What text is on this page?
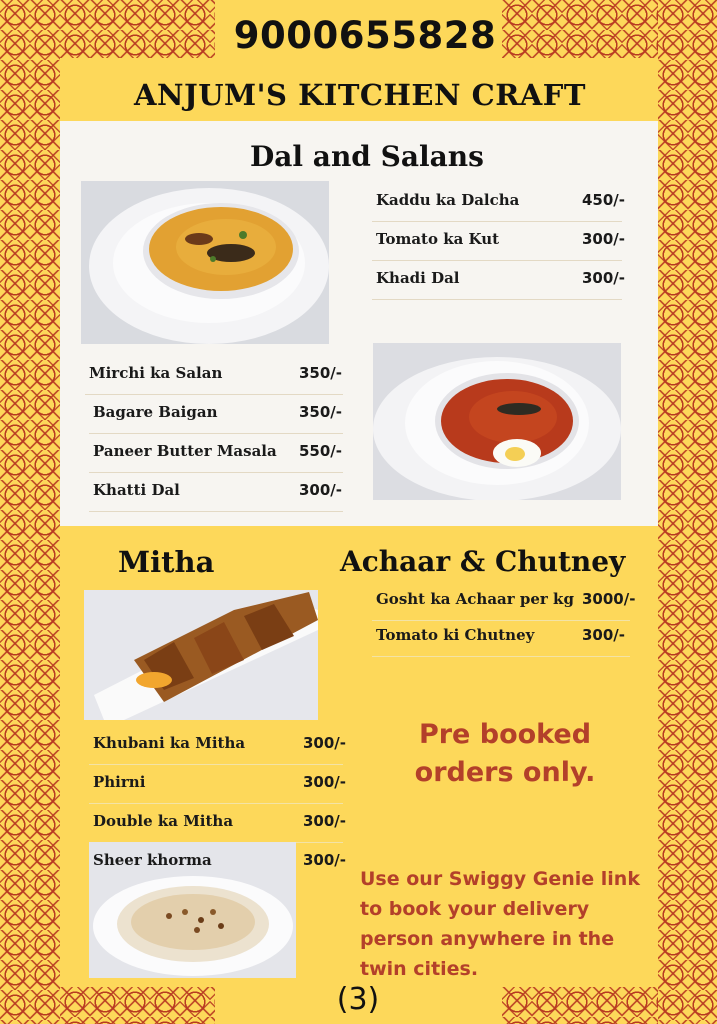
9000655828
ANJUM'S KITCHEN CRAFT
Dal and Salans
Kaddu ka Dalcha	450/-
Tomato ka Kut	300/-
Khadi Dal	300/-
Mirchi ka Salan	350/-
Bagare Baigan	350/-
Paneer Butter Masala 550/-
Khatti Dal	300/-
Mitha
Khubani ka Mitha	300/-
Phirni	300/-
Double ka Mitha	300/-
Sheer khorma	300/-
Achaar & Chutney
Gosht ka Achaar per kg 3000/-
Tomato ki Chutney	300/-
Pre booked
orders only.
Use our Swiggy Genie link
to book your delivery
person anywhere in the
twin cities.
(3)
